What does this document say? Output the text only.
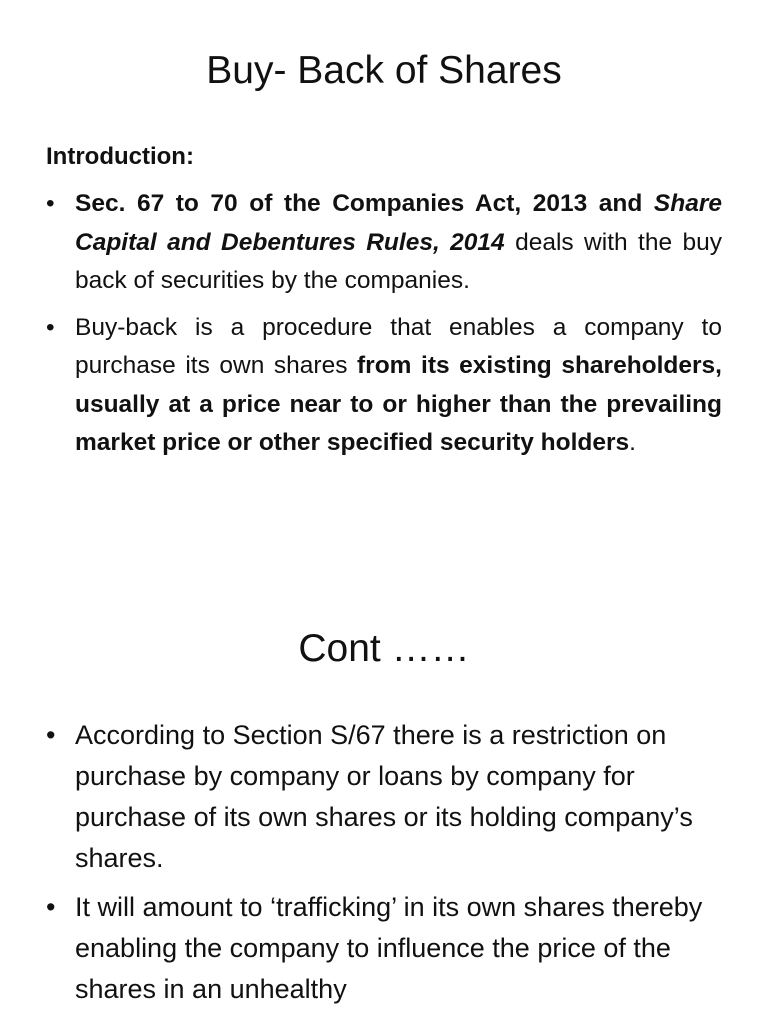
Buy- Back of Shares
Introduction:
• Sec. 67 to 70 of the Companies Act, 2013 and Share Capital and Debentures Rules, 2014 deals with the buy back of securities by the companies.
• Buy-back is a procedure that enables a company to purchase its own shares from its existing shareholders, usually at a price near to or higher than the prevailing market price or other specified security holders.
Cont ……
• According to Section S/67 there is a restriction on purchase by company or loans by company for purchase of its own shares or its holding company’s shares.
• It will amount to ‘trafficking’ in its own shares thereby enabling the company to influence the price of the shares in an unhealthy
